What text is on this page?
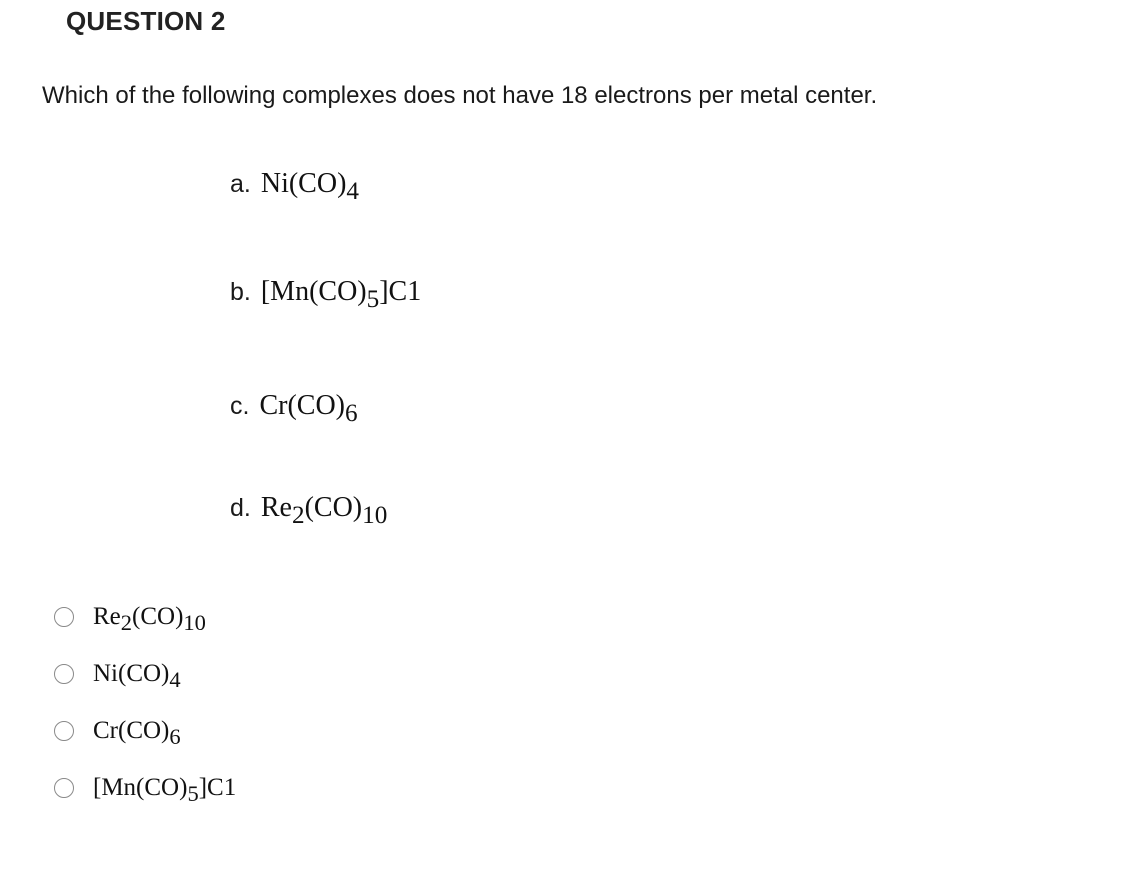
QUESTION 2
Which of the following complexes does not have 18 electrons per metal center.
a. Ni(CO)4
b. [Mn(CO)5]C1
c. Cr(CO)6
d. Re2(CO)10
Re2(CO)10
Ni(CO)4
Cr(CO)6
[Mn(CO)5]C1
